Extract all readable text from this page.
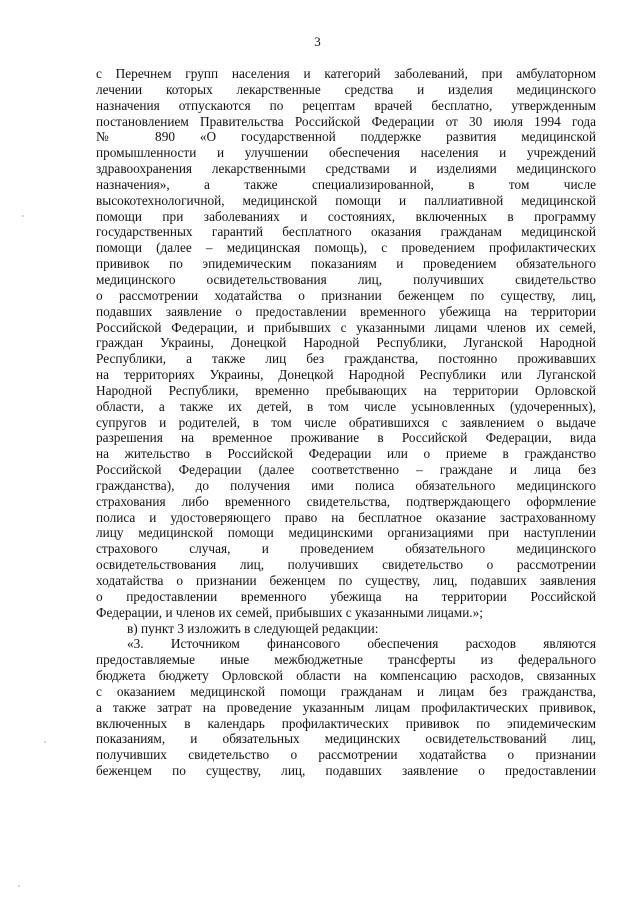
3
с Перечнем групп населения и категорий заболеваний, при амбулаторном
лечении которых лекарственные средства и изделия медицинского
назначения отпускаются по рецептам врачей бесплатно, утвержденным
постановлением Правительства Российской Федерации от 30 июля 1994 года
№ 890 «О государственной поддержке развития медицинской
промышленности и улучшении обеспечения населения и учреждений
здравоохранения лекарственными средствами и изделиями медицинского
назначения», а также специализированной, в том числе
высокотехнологичной, медицинской помощи и паллиативной медицинской
помощи при заболеваниях и состояниях, включенных в программу
государственных гарантий бесплатного оказания гражданам медицинской
помощи (далее – медицинская помощь), с проведением профилактических
прививок по эпидемическим показаниям и проведением обязательного
медицинского освидетельствования лиц, получивших свидетельство
о рассмотрении ходатайства о признании беженцем по существу, лиц,
подавших заявление о предоставлении временного убежища на территории
Российской Федерации, и прибывших с указанными лицами членов их семей,
граждан Украины, Донецкой Народной Республики, Луганской Народной
Республики, а также лиц без гражданства, постоянно проживавших
на территориях Украины, Донецкой Народной Республики или Луганской
Народной Республики, временно пребывающих на территории Орловской
области, а также их детей, в том числе усыновленных (удочеренных),
супругов и родителей, в том числе обратившихся с заявлением о выдаче
разрешения на временное проживание в Российской Федерации, вида
на жительство в Российской Федерации или о приеме в гражданство
Российской Федерации (далее соответственно – граждане и лица без
гражданства), до получения ими полиса обязательного медицинского
страхования либо временного свидетельства, подтверждающего оформление
полиса и удостоверяющего право на бесплатное оказание застрахованному
лицу медицинской помощи медицинскими организациями при наступлении
страхового случая, и проведением обязательного медицинского
освидетельствования лиц, получивших свидетельство о рассмотрении
ходатайства о признании беженцем по существу, лиц, подавших заявления
о предоставлении временного убежища на территории Российской
Федерации, и членов их семей, прибывших с указанными лицами.»;
в) пункт 3 изложить в следующей редакции:
«3. Источником финансового обеспечения расходов являются
предоставляемые иные межбюджетные трансферты из федерального
бюджета бюджету Орловской области на компенсацию расходов, связанных
с оказанием медицинской помощи гражданам и лицам без гражданства,
а также затрат на проведение указанным лицам профилактических прививок,
включенных в календарь профилактических прививок по эпидемическим
показаниям, и обязательных медицинских освидетельствований лиц,
получивших свидетельство о рассмотрении ходатайства о признании
беженцем по существу, лиц, подавших заявление о предоставлении
